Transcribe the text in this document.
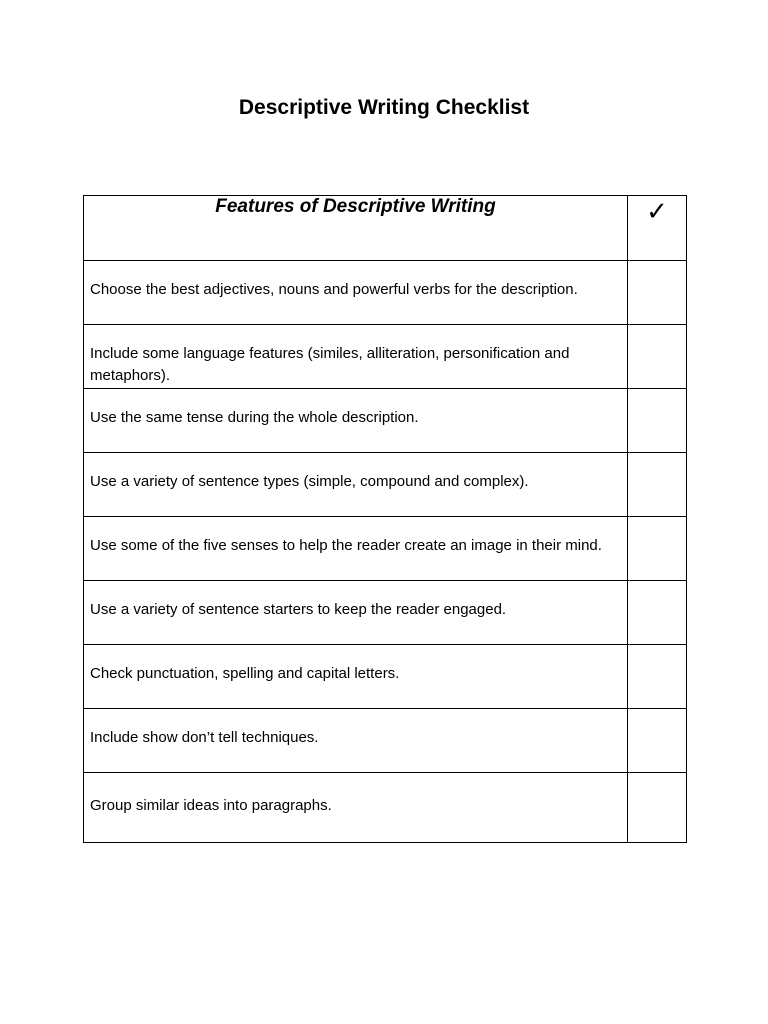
Descriptive Writing Checklist
Features of Descriptive Writing	✓
Choose the best adjectives, nouns and powerful verbs for the description.	
Include some language features (similes, alliteration, personification and metaphors).	
Use the same tense during the whole description.	
Use a variety of sentence types (simple, compound and complex).	
Use some of the five senses to help the reader create an image in their mind.	
Use a variety of sentence starters to keep the reader engaged.	
Check punctuation, spelling and capital letters.	
Include show don’t tell techniques.	
Group similar ideas into paragraphs.	
